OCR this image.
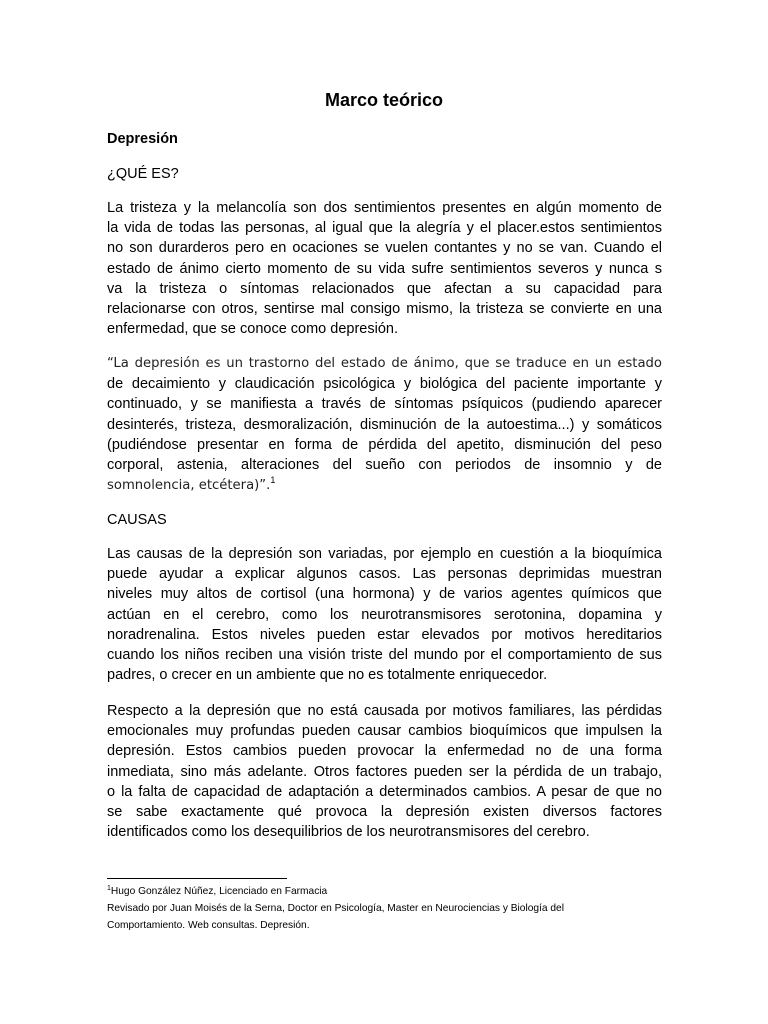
Marco teórico
Depresión

¿QUÉ ES?

La tristeza y la melancolía son dos sentimientos presentes en algún momento de
la vida de todas las personas, al igual que la alegría y el placer.estos sentimientos
no son durarderos pero en ocaciones se vuelen contantes y no se van. Cuando el
estado de ánimo cierto momento de su vida sufre sentimientos severos y nunca s
va la tristeza o síntomas relacionados que afectan a su capacidad para
relacionarse con otros, sentirse mal consigo mismo, la tristeza se convierte en una
enfermedad, que se conoce como depresión.

“La depresión es un trastorno del estado de ánimo, que se traduce en un estado
de decaimiento y claudicación psicológica y biológica del paciente importante y
continuado, y se manifiesta a través de síntomas psíquicos (pudiendo aparecer
desinterés, tristeza, desmoralización, disminución de la autoestima...) y somáticos
(pudiéndose presentar en forma de pérdida del apetito, disminución del peso
corporal, astenia, alteraciones del sueño con periodos de insomnio y de
somnolencia, etcétera)”.$^1$

CAUSAS

Las causas de la depresión son variadas, por ejemplo en cuestión a la bioquímica
puede ayudar a explicar algunos casos. Las personas deprimidas muestran
niveles muy altos de cortisol (una hormona) y de varios agentes químicos que
actúan en el cerebro, como los neurotransmisores serotonina, dopamina y
noradrenalina. Estos niveles pueden estar elevados por motivos hereditarios
cuando los niños reciben una visión triste del mundo por el comportamiento de sus
padres, o crecer en un ambiente que no es totalmente enriquecedor.

Respecto a la depresión que no está causada por motivos familiares, las pérdidas
emocionales muy profundas pueden causar cambios bioquímicos que impulsen la
depresión. Estos cambios pueden provocar la enfermedad no de una forma
inmediata, sino más adelante. Otros factores pueden ser la pérdida de un trabajo,
o la falta de capacidad de adaptación a determinados cambios. A pesar de que no
se sabe exactamente qué provoca la depresión existen diversos factores
identificados como los desequilibrios de los neurotransmisores del cerebro.

$^1$Hugo González Núñez, Licenciado en Farmacia
Revisado por Juan Moisés de la Serna, Doctor en Psicología, Master en Neurociencias y Biología del
Comportamiento. Web consultas. Depresión.
